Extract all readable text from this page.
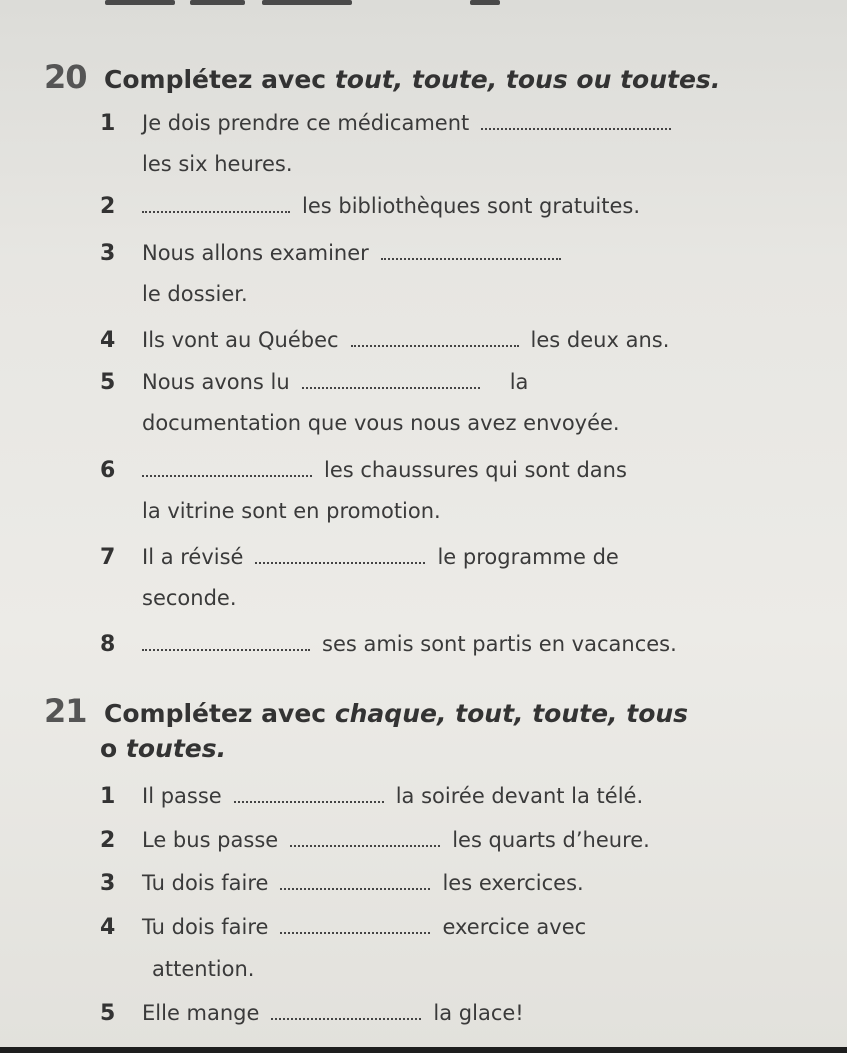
20 Complétez avec tout, toute, tous ou toutes.
1 Je dois prendre ce médicament
les six heures.
2	les bibliothèques sont gratuites.
3 Nous allons examiner
le dossier.
4 Ils vont au Québec	les deux ans.
5 Nous avons lu	la
documentation que vous nous avez envoyée.
6	les chaussures qui sont dans
la vitrine sont en promotion.
7 Il a révisé	le programme de
seconde.
8	ses amis sont partis en vacances.
21 Complétez avec chaque, tout, toute, tous
o toutes.
1 Il passe	la soirée devant la télé.
2 Le bus passe	les quarts d’heure.
3 Tu dois faire	les exercices.
4 Tu dois faire	exercice avec
attention.
5 Elle mange	la glace!
